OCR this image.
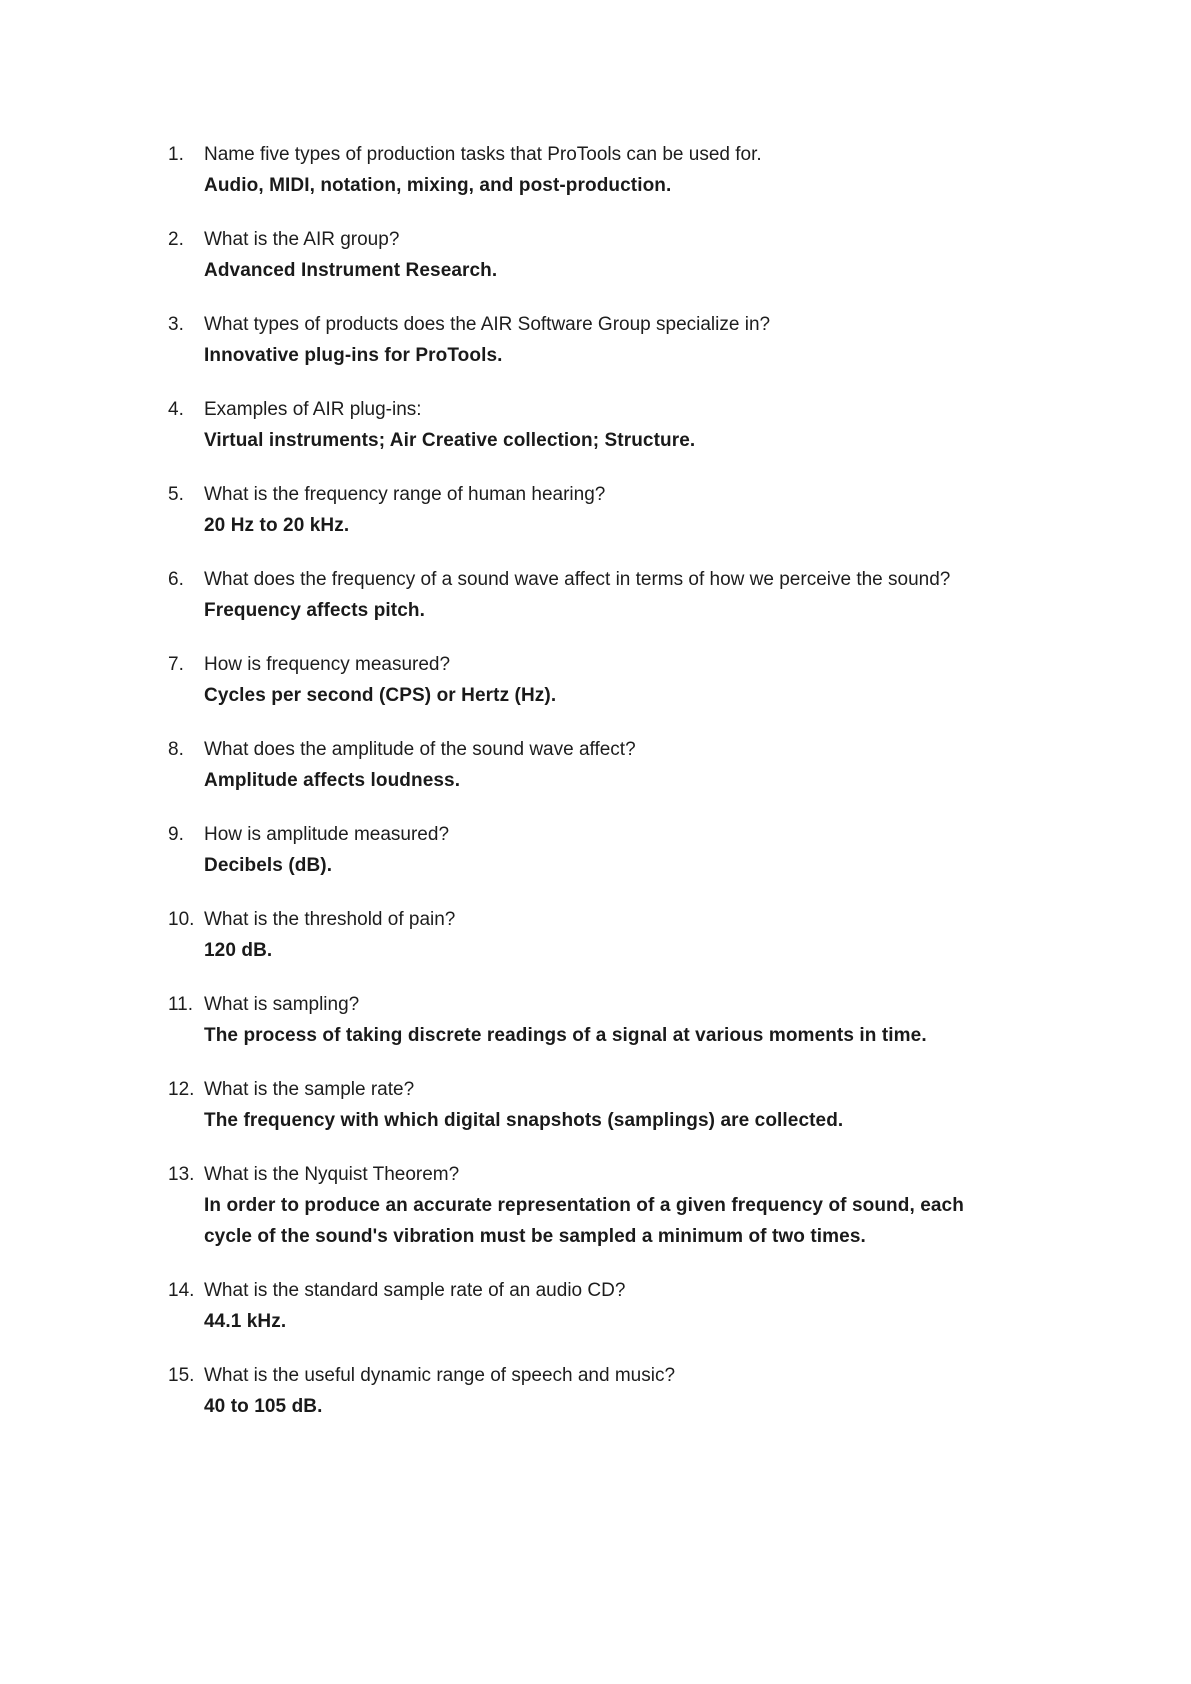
1.	Name five types of production tasks that ProTools can be used for.
Audio, MIDI, notation, mixing, and post-production.
2.	What is the AIR group?
Advanced Instrument Research.
3.	What types of products does the AIR Software Group specialize in?
Innovative plug-ins for ProTools.
4.	Examples of AIR plug-ins:
Virtual instruments; Air Creative collection; Structure.
5.	What is the frequency range of human hearing?
20 Hz to 20 kHz.
6.	What does the frequency of a sound wave affect in terms of how we perceive the sound?
Frequency affects pitch.
7.	How is frequency measured?
Cycles per second (CPS) or Hertz (Hz).
8.	What does the amplitude of the sound wave affect?
Amplitude affects loudness.
9.	How is amplitude measured?
Decibels (dB).
10. What is the threshold of pain?
120 dB.
11. What is sampling?
The process of taking discrete readings of a signal at various moments in time.
12. What is the sample rate?
The frequency with which digital snapshots (samplings) are collected.
13. What is the Nyquist Theorem?
In order to produce an accurate representation of a given frequency of sound, each cycle of the sound's vibration must be sampled a minimum of two times.
14. What is the standard sample rate of an audio CD?
44.1 kHz.
15. What is the useful dynamic range of speech and music?
40 to 105 dB.
